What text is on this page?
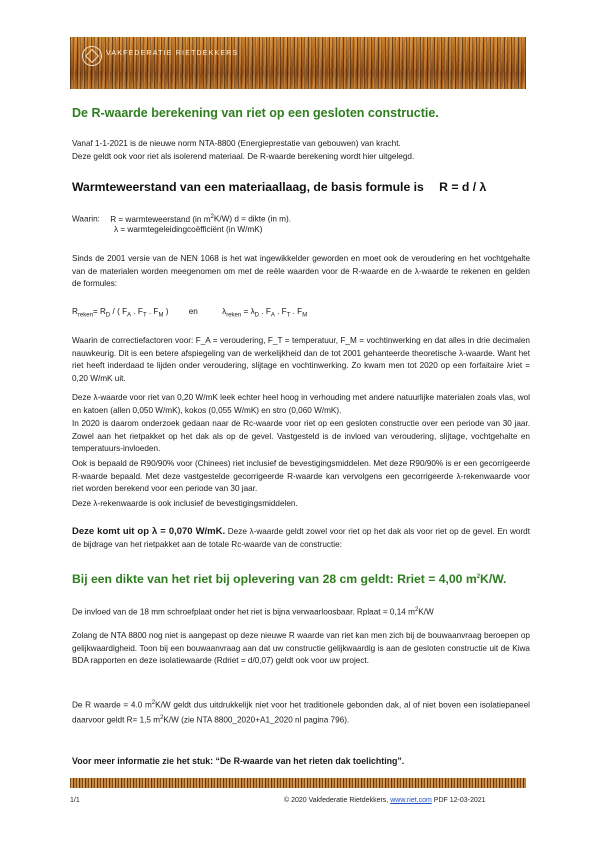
VAKFEDERATIE RIETDEKKERS
De R-waarde berekening van riet op een gesloten constructie.

Vanaf 1-1-2021 is de nieuwe norm NTA-8800 (Energieprestatie van gebouwen) van kracht.

Deze geldt ook voor riet als isolerend materiaal. De R-waarde berekening wordt hier uitgelegd.

Warmteweerstand van een materiaallaag, de basis formule is R = d / λ
Waarin: R = warmteweerstand (in $m^2K/W$) d = dikte (in m).
λ = warmtegeleidingcoëfficiënt (in W/mK)

Sinds de 2001 versie van de NEN 1068 is het wat ingewikkelder geworden en moet ook de veroudering en het vochtgehalte van de materialen worden meegenomen om met de reële waarden voor de R-waarde en de λ-waarde te rekenen en gelden de formules:

$R_{reken}= R_D$ / ( $F_A$ . $F_T$ . $F_M$ ) en	$\lambda_{reken} = \lambda_D$ . $F_A$ . $F_T$ . $F_M$

Waarin de correctiefactoren voor: F_A = veroudering, F_T = temperatuur, F_M = vochtinwerking en dat alles in drie decimalen nauwkeurig. Dit is een betere afspiegeling van de werkelijkheid dan de tot 2001 gehanteerde theoretische λ-waarde. Want het riet heeft inderdaad te lijden onder veroudering, slijtage en vochtinwerking. Zo kwam men tot 2020 op een forfaitaire λriet = 0,20 W/mK uit.

Deze λ-waarde voor riet van 0,20 W/mK leek echter heel hoog in verhouding met andere natuurlijke materialen zoals vlas, wol en katoen (allen 0,050 W/mK), kokos (0,055 W/mK) en stro (0,060 W/mK).

In 2020 is daarom onderzoek gedaan naar de Rc-waarde voor riet op een gesloten constructie over een periode van 30 jaar. Zowel aan het rietpakket op het dak als op de gevel. Vastgesteld is de invloed van veroudering, slijtage, vochtgehalte en temperatuurs-invloeden.

Ook is bepaald de R90/90% voor (Chinees) riet inclusief de bevestigingsmiddelen. Met deze R90/90% is er een gecorrigeerde R-waarde bepaald. Met deze vastgestelde gecorrigeerde R-waarde kan vervolgens een gecorrigeerde λ-rekenwaarde voor riet worden berekend voor een periode van 30 jaar.

Deze λ-rekenwaarde is ook inclusief de bevestigingsmiddelen.

Deze komt uit op λ = 0,070 W/mK. Deze λ-waarde geldt zowel voor riet op het dak als voor riet op de gevel. En wordt de bijdrage van het rietpakket aan de totale Rc-waarde van de constructie:

Bij een dikte van het riet bij oplevering van 28 cm geldt: Rriet = 4,00 $m^2K/W$.

De invloed van de 18 mm schroefplaat onder het riet is bijna verwaarloosbaar. Rplaat = 0,14 $m^2K/W$

Zolang de NTA 8800 nog niet is aangepast op deze nieuwe R waarde van riet kan men zich bij de bouwaanvraag beroepen op gelijkwaardigheid. Toon bij een bouwaanvraag aan dat uw constructie gelijkwaardig is aan de gesloten constructie uit de Kiwa BDA rapporten en deze isolatiewaarde (Rdriet = d/0,07) geldt ook voor uw project.

De R waarde = 4.0 $m^2K/W$ geldt dus uitdrukkelijk niet voor het traditionele gebonden dak, al of niet boven een isolatiepaneel daarvoor geldt R= 1,5 $m^2K/W$ (zie NTA 8800_2020+A1_2020 nl pagina 796).

Voor meer informatie zie het stuk: “De R-waarde van het rieten dak toelichting”.

1/1	© 2020 Vakfederatie Rietdekkers, www.riet.com PDF 12-03-2021
